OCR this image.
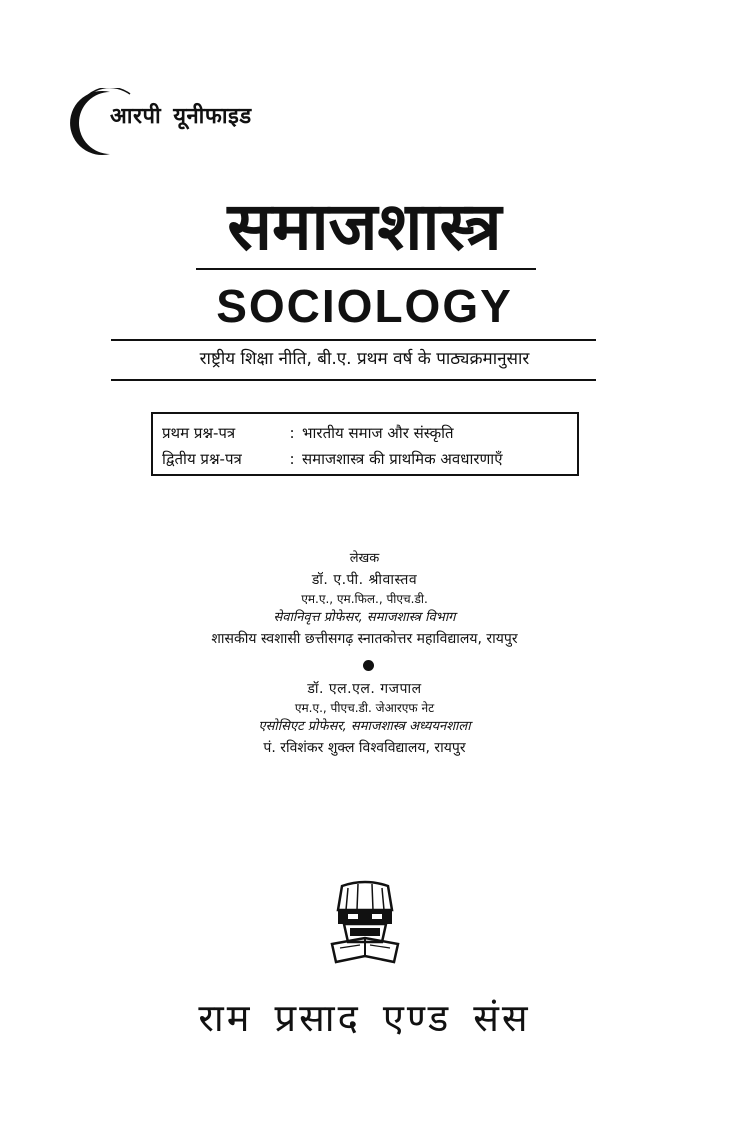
आरपी यूनीफाइड
समाजशास्त्र
SOCIOLOGY
राष्ट्रीय शिक्षा नीति, बी.ए. प्रथम वर्ष के पाठ्यक्रमानुसार
प्रथम प्रश्न-पत्र	: भारतीय समाज और संस्कृति
द्वितीय प्रश्न-पत्र	: समाजशास्त्र की प्राथमिक अवधारणाएँ
लेखक
डॉ. ए.पी. श्रीवास्तव
एम.ए., एम.फिल., पीएच.डी.
सेवानिवृत्त प्रोफेसर, समाजशास्त्र विभाग
शासकीय स्वशासी छत्तीसगढ़ स्नातकोत्तर महाविद्यालय, रायपुर
डॉ. एल.एल. गजपाल
एम.ए., पीएच.डी. जेआरएफ नेट
एसोसिएट प्रोफेसर, समाजशास्त्र अध्ययनशाला
पं. रविशंकर शुक्ल विश्वविद्यालय, रायपुर
राम प्रसाद एण्ड संस
